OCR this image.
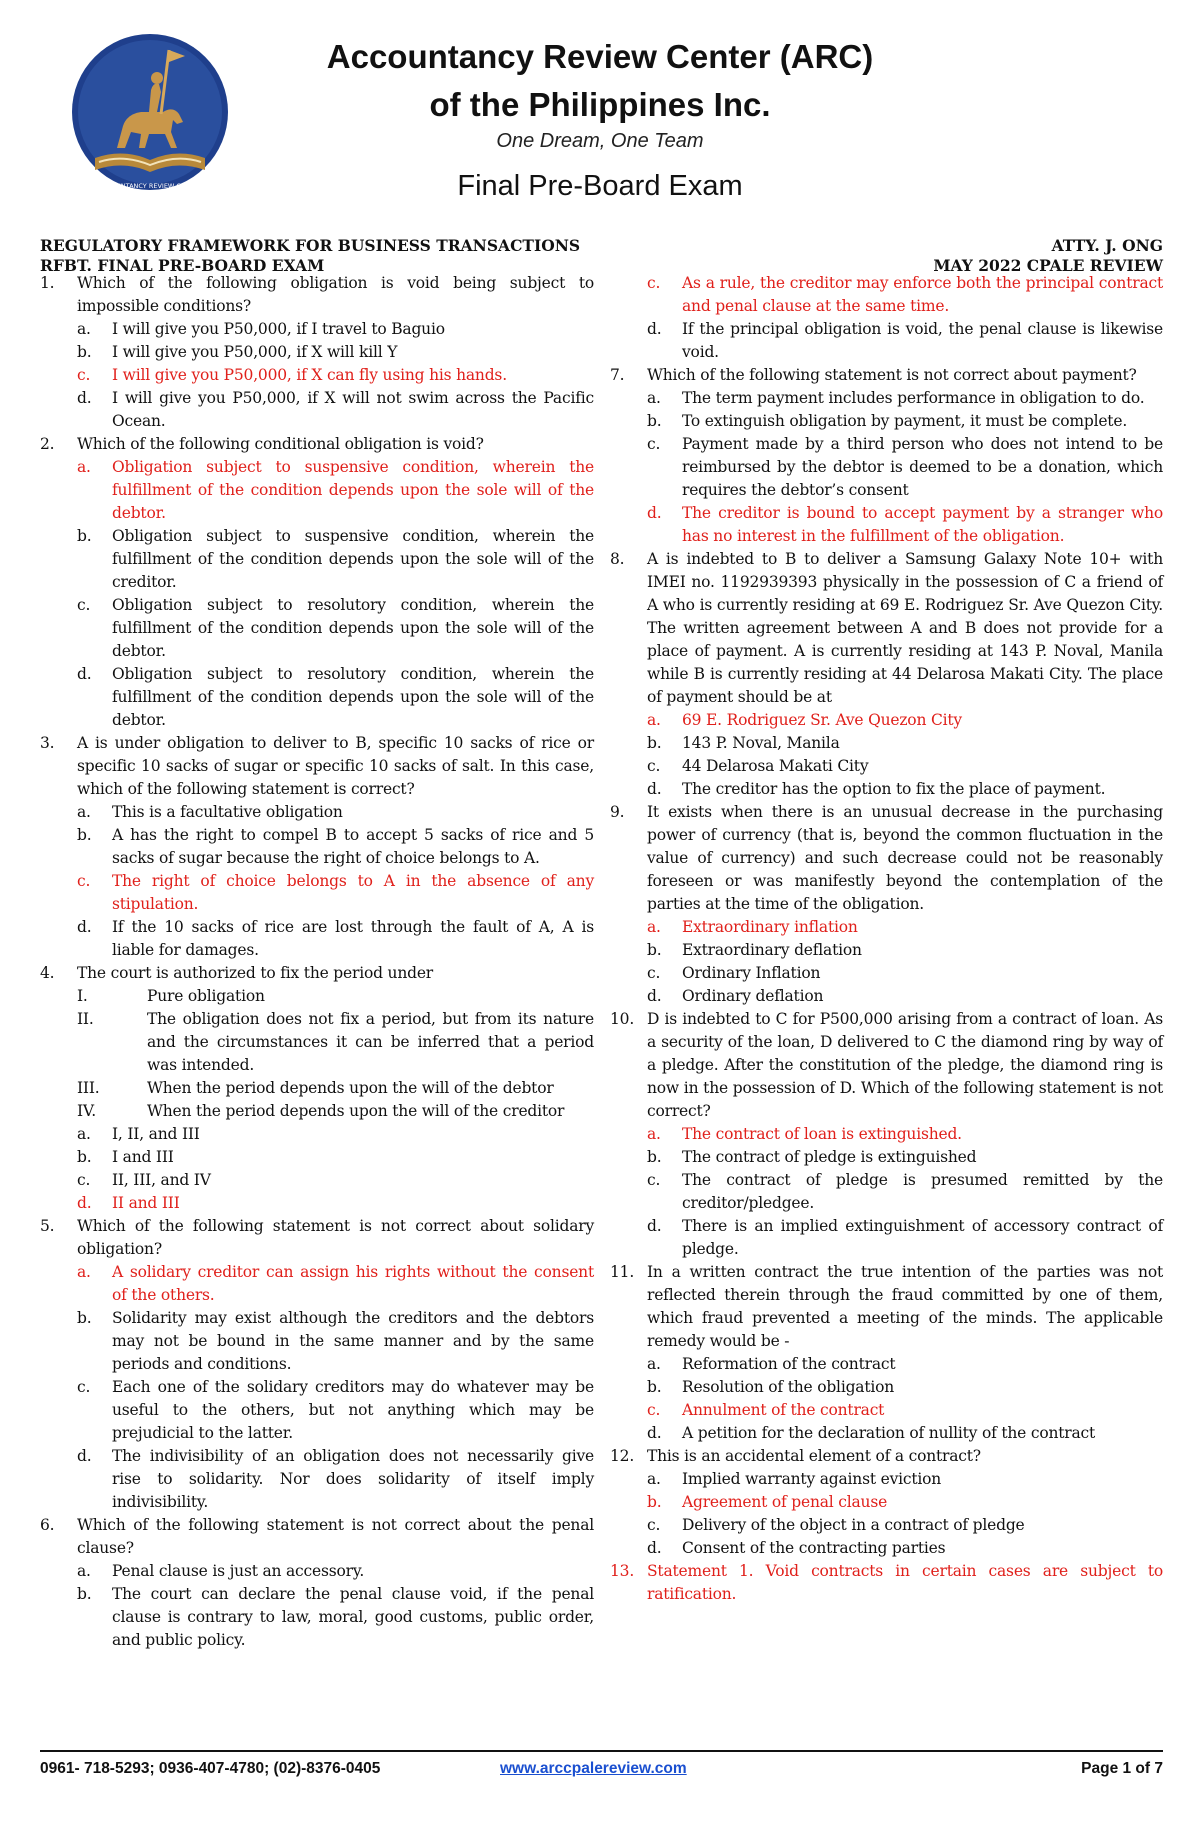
ACCOUNTANCY REVIEW CENTER
Accountancy Review Center (ARC)
of the Philippines Inc.
One Dream, One Team
Final Pre-Board Exam
REGULATORY FRAMEWORK FOR BUSINESS TRANSACTIONS
RFBT. FINAL PRE-BOARD EXAM
ATTY. J. ONG
MAY 2022 CPALE REVIEW
1.	Which of the following obligation is void being subject to impossible conditions?
a.	I will give you P50,000, if I travel to Baguio
b.	I will give you P50,000, if X will kill Y
c.	I will give you P50,000, if X can fly using his hands.
d.	I will give you P50,000, if X will not swim across the Pacific Ocean.
2.	Which of the following conditional obligation is void?
a.	Obligation subject to suspensive condition, wherein the fulfillment of the condition depends upon the sole will of the debtor.
b.	Obligation subject to suspensive condition, wherein the fulfillment of the condition depends upon the sole will of the creditor.
c.	Obligation subject to resolutory condition, wherein the fulfillment of the condition depends upon the sole will of the debtor.
d.	Obligation subject to resolutory condition, wherein the fulfillment of the condition depends upon the sole will of the debtor.
3.	A is under obligation to deliver to B, specific 10 sacks of rice or specific 10 sacks of sugar or specific 10 sacks of salt. In this case, which of the following statement is correct?
a.	This is a facultative obligation
b.	A has the right to compel B to accept 5 sacks of rice and 5 sacks of sugar because the right of choice belongs to A.
c.	The right of choice belongs to A in the absence of any stipulation.
d.	If the 10 sacks of rice are lost through the fault of A, A is liable for damages.
4.	The court is authorized to fix the period under
I.	Pure obligation
II.	The obligation does not fix a period, but from its nature and the circumstances it can be inferred that a period was intended.
III.	When the period depends upon the will of the debtor
IV.	When the period depends upon the will of the creditor
a.	I, II, and III
b.	I and III
c.	II, III, and IV
d.	II and III
5.	Which of the following statement is not correct about solidary obligation?
a.	A solidary creditor can assign his rights without the consent of the others.
b.	Solidarity may exist although the creditors and the debtors may not be bound in the same manner and by the same periods and conditions.
c.	Each one of the solidary creditors may do whatever may be useful to the others, but not anything which may be prejudicial to the latter.
d.	The indivisibility of an obligation does not necessarily give rise to solidarity. Nor does solidarity of itself imply indivisibility.
6.	Which of the following statement is not correct about the penal clause?
a.	Penal clause is just an accessory.
b.	The court can declare the penal clause void, if the penal clause is contrary to law, moral, good customs, public order, and public policy.
c.	As a rule, the creditor may enforce both the principal contract and penal clause at the same time.
d.	If the principal obligation is void, the penal clause is likewise void.
7.	Which of the following statement is not correct about payment?
a.	The term payment includes performance in obligation to do.
b.	To extinguish obligation by payment, it must be complete.
c.	Payment made by a third person who does not intend to be reimbursed by the debtor is deemed to be a donation, which requires the debtor’s consent
d.	The creditor is bound to accept payment by a stranger who has no interest in the fulfillment of the obligation.
8.	A is indebted to B to deliver a Samsung Galaxy Note 10+ with IMEI no. 1192939393 physically in the possession of C a friend of A who is currently residing at 69 E. Rodriguez Sr. Ave Quezon City. The written agreement between A and B does not provide for a place of payment. A is currently residing at 143 P. Noval, Manila while B is currently residing at 44 Delarosa Makati City. The place of payment should be at
a.	69 E. Rodriguez Sr. Ave Quezon City
b.	143 P. Noval, Manila
c.	44 Delarosa Makati City
d.	The creditor has the option to fix the place of payment.
9.	It exists when there is an unusual decrease in the purchasing power of currency (that is, beyond the common fluctuation in the value of currency) and such decrease could not be reasonably foreseen or was manifestly beyond the contemplation of the parties at the time of the obligation.
a.	Extraordinary inflation
b.	Extraordinary deflation
c.	Ordinary Inflation
d.	Ordinary deflation
10. D is indebted to C for P500,000 arising from a contract of loan. As a security of the loan, D delivered to C the diamond ring by way of a pledge. After the constitution of the pledge, the diamond ring is now in the possession of D. Which of the following statement is not correct?
a.	The contract of loan is extinguished.
b.	The contract of pledge is extinguished
c.	The contract of pledge is presumed remitted by the creditor/pledgee.
d.	There is an implied extinguishment of accessory contract of pledge.
11. In a written contract the true intention of the parties was not reflected therein through the fraud committed by one of them, which fraud prevented a meeting of the minds. The applicable remedy would be -
a.	Reformation of the contract
b.	Resolution of the obligation
c.	Annulment of the contract
d.	A petition for the declaration of nullity of the contract
12. This is an accidental element of a contract?
a.	Implied warranty against eviction
b.	Agreement of penal clause
c.	Delivery of the object in a contract of pledge
d.	Consent of the contracting parties
13. Statement 1. Void contracts in certain cases are subject to ratification.
0961- 718-5293; 0936-407-4780; (02)-8376-0405	www.arccpalereview.com	Page 1 of 7
